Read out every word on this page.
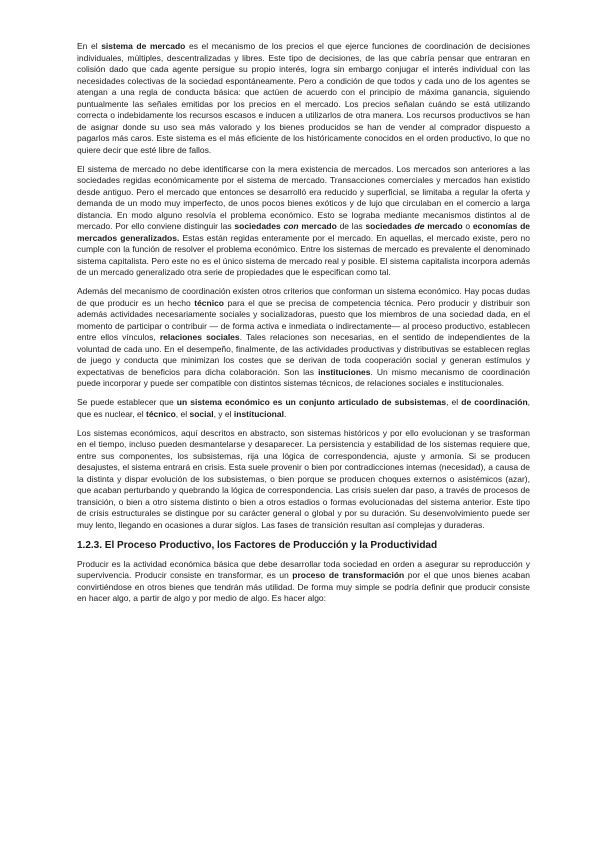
En el sistema de mercado es el mecanismo de los precios el que ejerce funciones de coordinación de decisiones individuales, múltiples, descentralizadas y libres. Este tipo de decisiones, de las que cabría pensar que entraran en colisión dado que cada agente persigue su propio interés, logra sin embargo conjugar el interés individual con las necesidades colectivas de la sociedad espontáneamente. Pero a condición de que todos y cada uno de los agentes se atengan a una regla de conducta básica: que actúen de acuerdo con el principio de máxima ganancia, siguiendo puntualmente las señales emitidas por los precios en el mercado. Los precios señalan cuándo se está utilizando correcta o indebidamente los recursos escasos e inducen a utilizarlos de otra manera. Los recursos productivos se han de asignar donde su uso sea más valorado y los bienes producidos se han de vender al comprador dispuesto a pagarlos más caros. Este sistema es el más eficiente de los históricamente conocidos en el orden productivo, lo que no quiere decir que esté libre de fallos.

El sistema de mercado no debe identificarse con la mera existencia de mercados. Los mercados son anteriores a las sociedades regidas económicamente por el sistema de mercado. Transacciones comerciales y mercados han existido desde antiguo. Pero el mercado que entonces se desarrolló era reducido y superficial, se limitaba a regular la oferta y demanda de un modo muy imperfecto, de unos pocos bienes exóticos y de lujo que circulaban en el comercio a larga distancia. En modo alguno resolvía el problema económico. Esto se lograba mediante mecanismos distintos al de mercado. Por ello conviene distinguir las sociedades con mercado de las sociedades de mercado o economías de mercados generalizados. Estas están regidas enteramente por el mercado. En aquellas, el mercado existe, pero no cumple con la función de resolver el problema económico. Entre los sistemas de mercado es prevalente el denominado sistema capitalista. Pero este no es el único sistema de mercado real y posible. El sistema capitalista incorpora además de un mercado generalizado otra serie de propiedades que le especifican como tal.

Además del mecanismo de coordinación existen otros criterios que conforman un sistema económico. Hay pocas dudas de que producir es un hecho técnico para el que se precisa de competencia técnica. Pero producir y distribuir son además actividades necesariamente sociales y socializadoras, puesto que los miembros de una sociedad dada, en el momento de participar o contribuir — de forma activa e inmediata o indirectamente— al proceso productivo, establecen entre ellos vínculos, relaciones sociales. Tales relaciones son necesarias, en el sentido de independientes de la voluntad de cada uno. En el desempeño, finalmente, de las actividades productivas y distributivas se establecen reglas de juego y conducta que minimizan los costes que se derivan de toda cooperación social y generan estímulos y expectativas de beneficios para dicha colaboración. Son las instituciones. Un mismo mecanismo de coordinación puede incorporar y puede ser compatible con distintos sistemas técnicos, de relaciones sociales e institucionales.

Se puede establecer que un sistema económico es un conjunto articulado de subsistemas, el de coordinación, que es nuclear, el técnico, el social, y el institucional.

Los sistemas económicos, aquí descritos en abstracto, son sistemas históricos y por ello evolucionan y se trasforman en el tiempo, incluso pueden desmantelarse y desaparecer. La persistencia y estabilidad de los sistemas requiere que, entre sus componentes, los subsistemas, rija una lógica de correspondencia, ajuste y armonía. Si se producen desajustes, el sistema entrará en crisis. Esta suele provenir o bien por contradicciones internas (necesidad), a causa de la distinta y dispar evolución de los subsistemas, o bien porque se producen choques externos o asistémicos (azar), que acaban perturbando y quebrando la lógica de correspondencia. Las crisis suelen dar paso, a través de procesos de transición, o bien a otro sistema distinto o bien a otros estadios o formas evolucionadas del sistema anterior. Este tipo de crisis estructurales se distingue por su carácter general o global y por su duración. Su desenvolvimiento puede ser muy lento, llegando en ocasiones a durar siglos. Las fases de transición resultan así complejas y duraderas.

1.2.3. El Proceso Productivo, los Factores de Producción y la Productividad

Producir es la actividad económica básica que debe desarrollar toda sociedad en orden a asegurar su reproducción y supervivencia. Producir consiste en transformar, es un proceso de transformación por el que unos bienes acaban convirtiéndose en otros bienes que tendrán más utilidad. De forma muy simple se podría definir que producir consiste en hacer algo, a partir de algo y por medio de algo. Es hacer algo:
